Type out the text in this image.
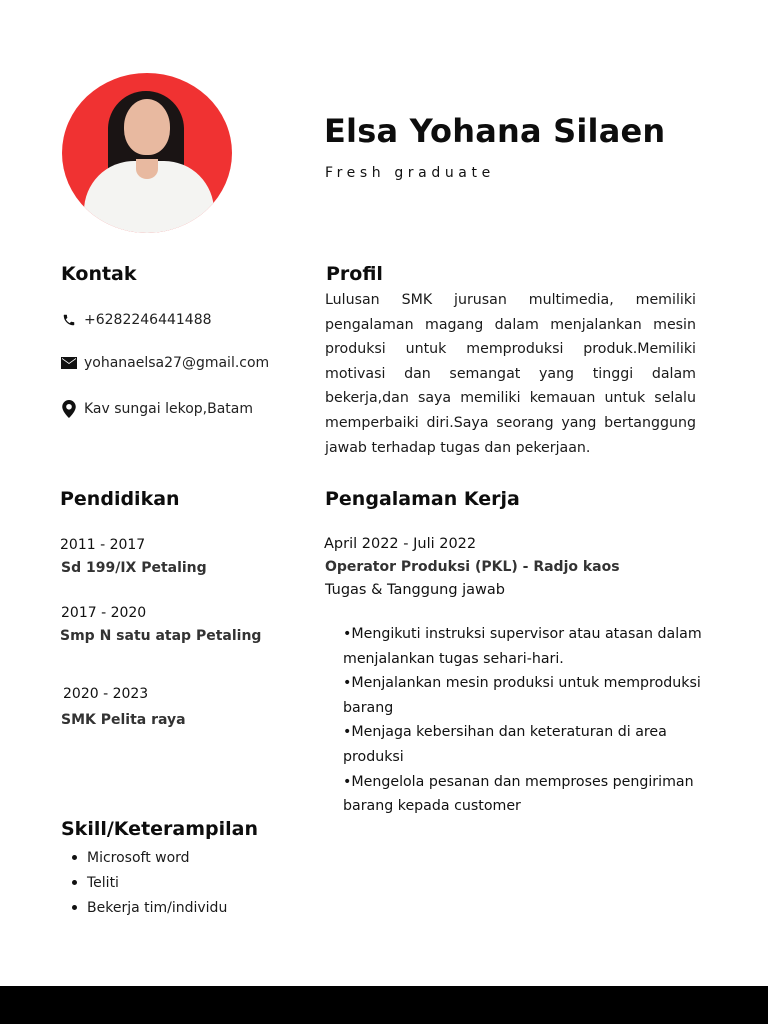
Elsa Yohana Silaen
Fresh graduate
Kontak
+6282246441488
yohanaelsa27@gmail.com
Kav sungai lekop,Batam
Profil
Lulusan SMK jurusan multimedia, memiliki pengalaman magang dalam menjalankan mesin produksi untuk memproduksi produk.Memiliki motivasi dan semangat yang tinggi dalam bekerja,dan saya memiliki kemauan untuk selalu memperbaiki diri.Saya seorang yang bertanggung jawab terhadap tugas dan pekerjaan.
Pendidikan
2011 - 2017
Sd 199/IX Petaling
2017 - 2020
Smp N satu atap Petaling
2020 - 2023
SMK Pelita raya
Skill/Keterampilan
Microsoft word
Teliti
Bekerja tim/individu
Pengalaman Kerja
April 2022 - Juli 2022
Operator Produksi (PKL) - Radjo kaos
Tugas & Tanggung jawab
•Mengikuti instruksi supervisor atau atasan dalam menjalankan tugas sehari-hari.
•Menjalankan mesin produksi untuk memproduksi barang
•Menjaga kebersihan dan keteraturan di area produksi
•Mengelola pesanan dan memproses pengiriman barang kepada customer
